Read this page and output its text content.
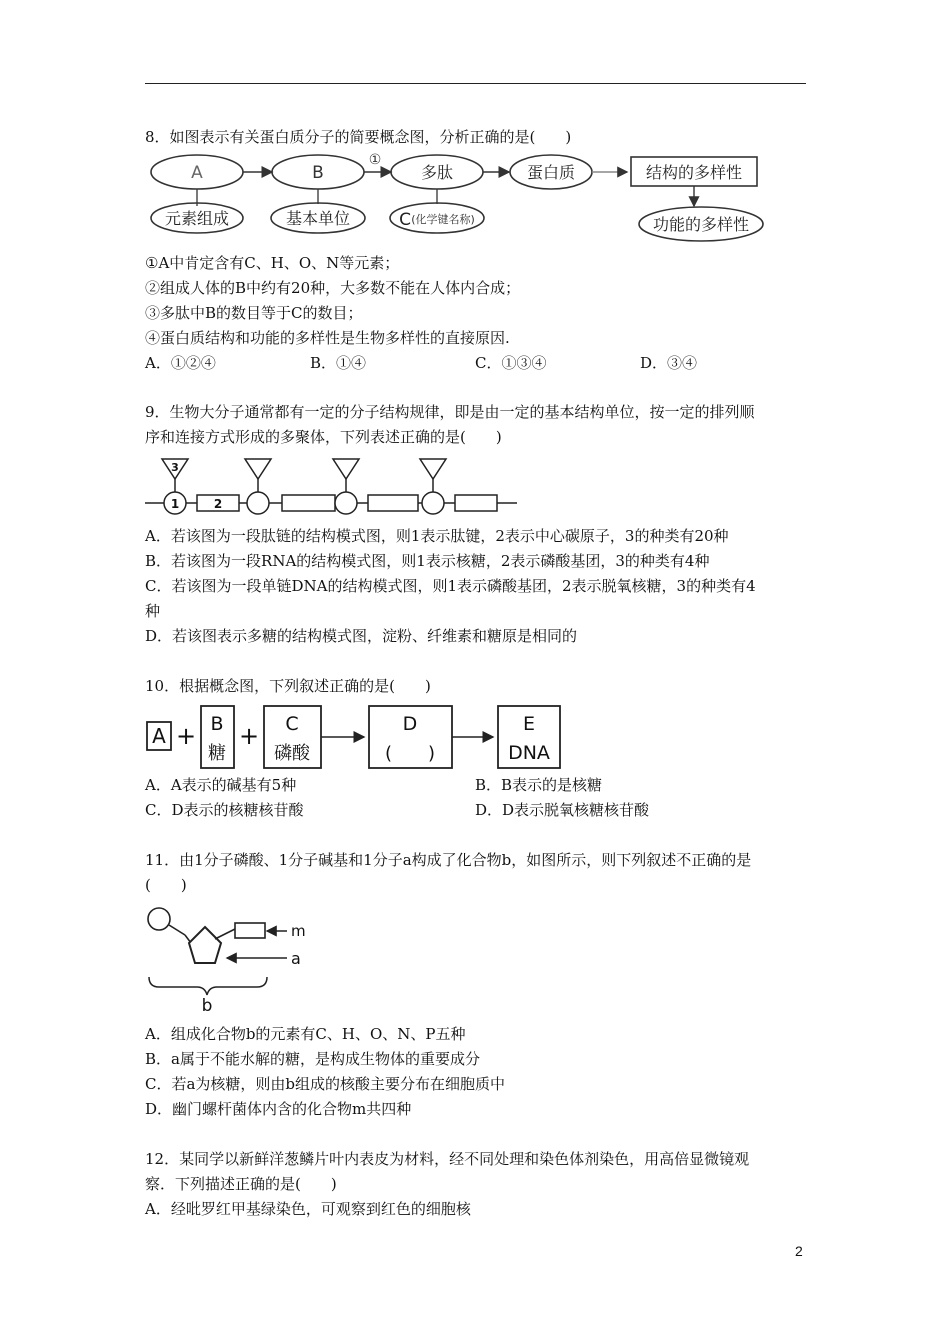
8．如图表示有关蛋白质分子的简要概念图，分析正确的是(　　)
A	B
①
多肽	蛋白质	结构的多样性
功能的多样性
元素组成	基本单位	C (化学键名称)
①A中肯定含有C、H、O、N等元素；
②组成人体的B中约有20种，大多数不能在人体内合成；
③多肽中B的数目等于C的数目；
④蛋白质结构和功能的多样性是生物多样性的直接原因.
A．①②④	B．①④	C．①③④	D．③④
9．生物大分子通常都有一定的分子结构规律，即是由一定的基本结构单位，按一定的排列顺
序和连接方式形成的多聚体，下列表述正确的是(　　)
3
1	2
A．若该图为一段肽链的结构模式图，则1表示肽键，2表示中心碳原子，3的种类有20种
B．若该图为一段RNA的结构模式图，则1表示核糖，2表示磷酸基团，3的种类有4种
C．若该图为一段单链DNA的结构模式图，则1表示磷酸基团，2表示脱氧核糖，3的种类有4
种
D．若该图表示多糖的结构模式图，淀粉、纤维素和糖原是相同的
10．根据概念图，下列叙述正确的是(　　)
A + B
糖
+ C
磷酸
D
(　　)
E
DNA
A．A表示的碱基有5种	B．B表示的是核糖
C．D表示的核糖核苷酸	D．D表示脱氧核糖核苷酸
11．由1分子磷酸、1分子碱基和1分子a构成了化合物b，如图所示，则下列叙述不正确的是
(　　)
m
a
b
A．组成化合物b的元素有C、H、O、N、P五种
B．a属于不能水解的糖，是构成生物体的重要成分
C．若a为核糖，则由b组成的核酸主要分布在细胞质中
D．幽门螺杆菌体内含的化合物m共四种
12．某同学以新鲜洋葱鳞片叶内表皮为材料，经不同处理和染色体剂染色，用高倍显微镜观
察．下列描述正确的是(　　)
A．经吡罗红甲基绿染色，可观察到红色的细胞核
2
